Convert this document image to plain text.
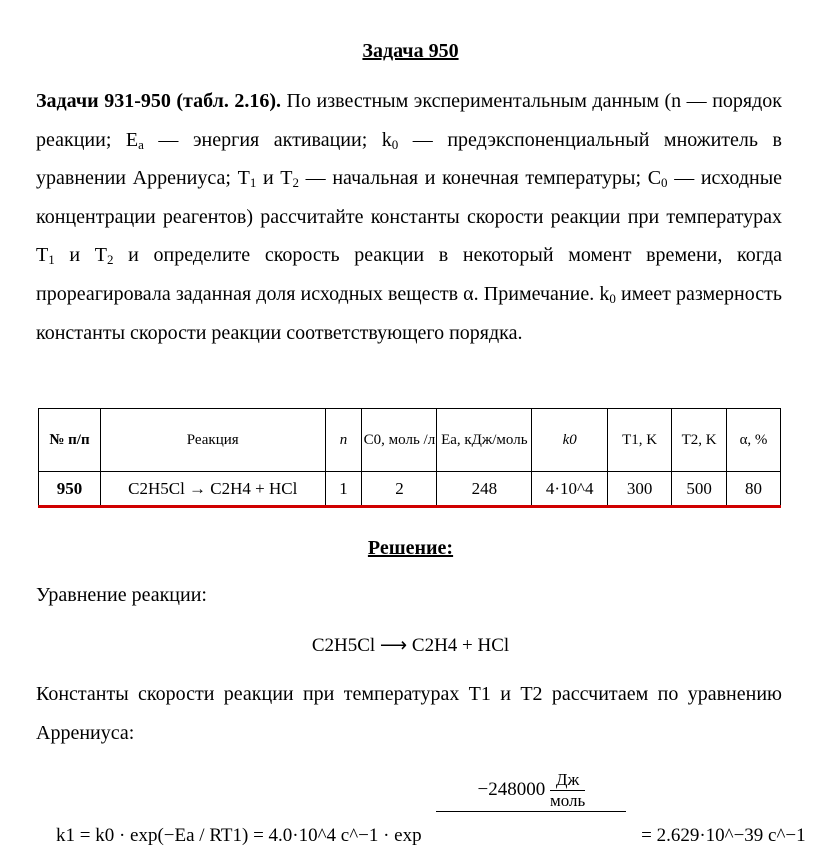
Задача 950
Задачи 931-950 (табл. 2.16). По известным экспериментальным данным (n — порядок реакции; $E_a$ — энергия активации; $k_0$ — предэкспоненциальный множитель в уравнении Аррениуса; $T_1$ и $T_2$ — начальная и конечная температуры; $C_0$ — исходные концентрации реагентов) рассчитайте константы скорости реакции при температурах $T_1$ и $T_2$ и определите скорость реакции в некоторый момент времени, когда прореагировала заданная доля исходных веществ α. Примечание. $k_0$ имеет размерность константы скорости реакции соответствующего порядка.
№ п/п	Реакция	n	C0, моль /л	Ea, кДж/моль	k0	T1, K	T2, K	α, %
950	C2H5Cl → C2H4 + HCl	1	2	248	4·10^4	300	500	80
Решение:
Уравнение реакции:
C2H5Cl ⟶ C2H4 + HCl
Константы скорости реакции при температурах T1 и T2 рассчитаем по уравнению Аррениуса:
k1 = k0 · exp(−Ea / RT1) = 4.0·10^4 с^−1 · exp −248000 Дж
моль
= 2.629·10^−39 с^−1
